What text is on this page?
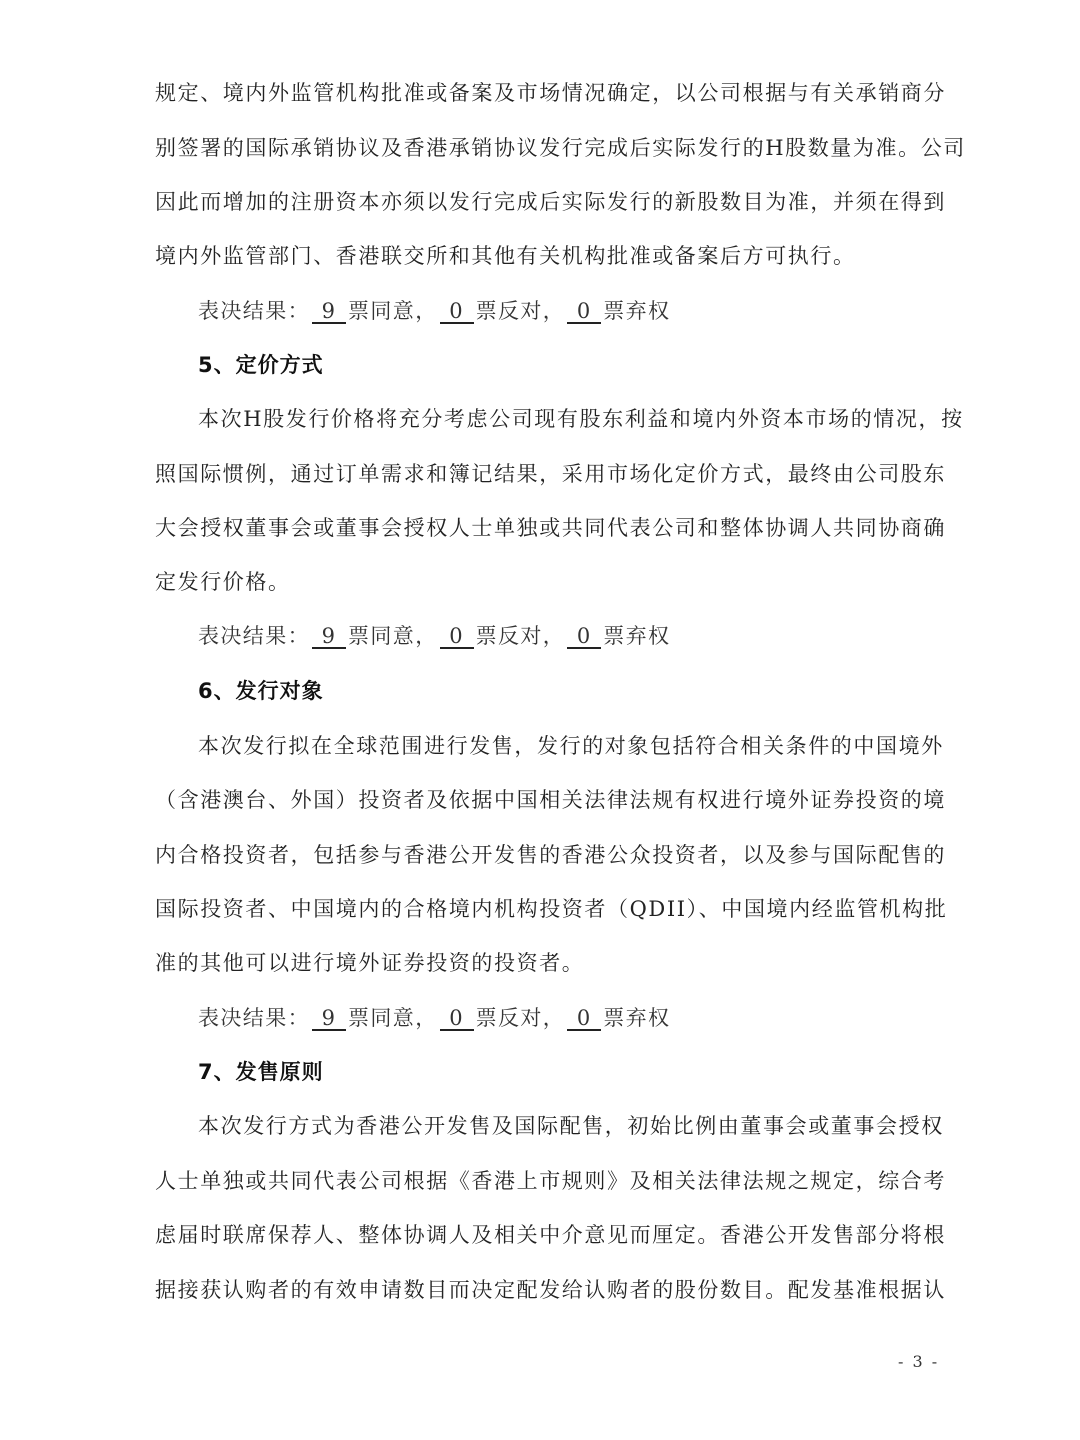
规定、境内外监管机构批准或备案及市场情况确定，以公司根据与有关承销商分
别签署的国际承销协议及香港承销协议发行完成后实际发行的H股数量为准。公司
因此而增加的注册资本亦须以发行完成后实际发行的新股数目为准，并须在得到
境内外监管部门、香港联交所和其他有关机构批准或备案后方可执行。
表决结果： 9 票同意， 0 票反对， 0 票弃权
5、定价方式
本次H股发行价格将充分考虑公司现有股东利益和境内外资本市场的情况，按
照国际惯例，通过订单需求和簿记结果，采用市场化定价方式，最终由公司股东
大会授权董事会或董事会授权人士单独或共同代表公司和整体协调人共同协商确
定发行价格。
表决结果： 9 票同意， 0 票反对， 0 票弃权
6、发行对象
本次发行拟在全球范围进行发售，发行的对象包括符合相关条件的中国境外
（含港澳台、外国）投资者及依据中国相关法律法规有权进行境外证券投资的境
内合格投资者，包括参与香港公开发售的香港公众投资者，以及参与国际配售的
国际投资者、中国境内的合格境内机构投资者（QDII）、中国境内经监管机构批
准的其他可以进行境外证券投资的投资者。
表决结果： 9 票同意， 0 票反对， 0 票弃权
7、发售原则
本次发行方式为香港公开发售及国际配售，初始比例由董事会或董事会授权
人士单独或共同代表公司根据《香港上市规则》及相关法律法规之规定，综合考
虑届时联席保荐人、整体协调人及相关中介意见而厘定。香港公开发售部分将根
据接获认购者的有效申请数目而决定配发给认购者的股份数目。配发基准根据认
- 3 -
